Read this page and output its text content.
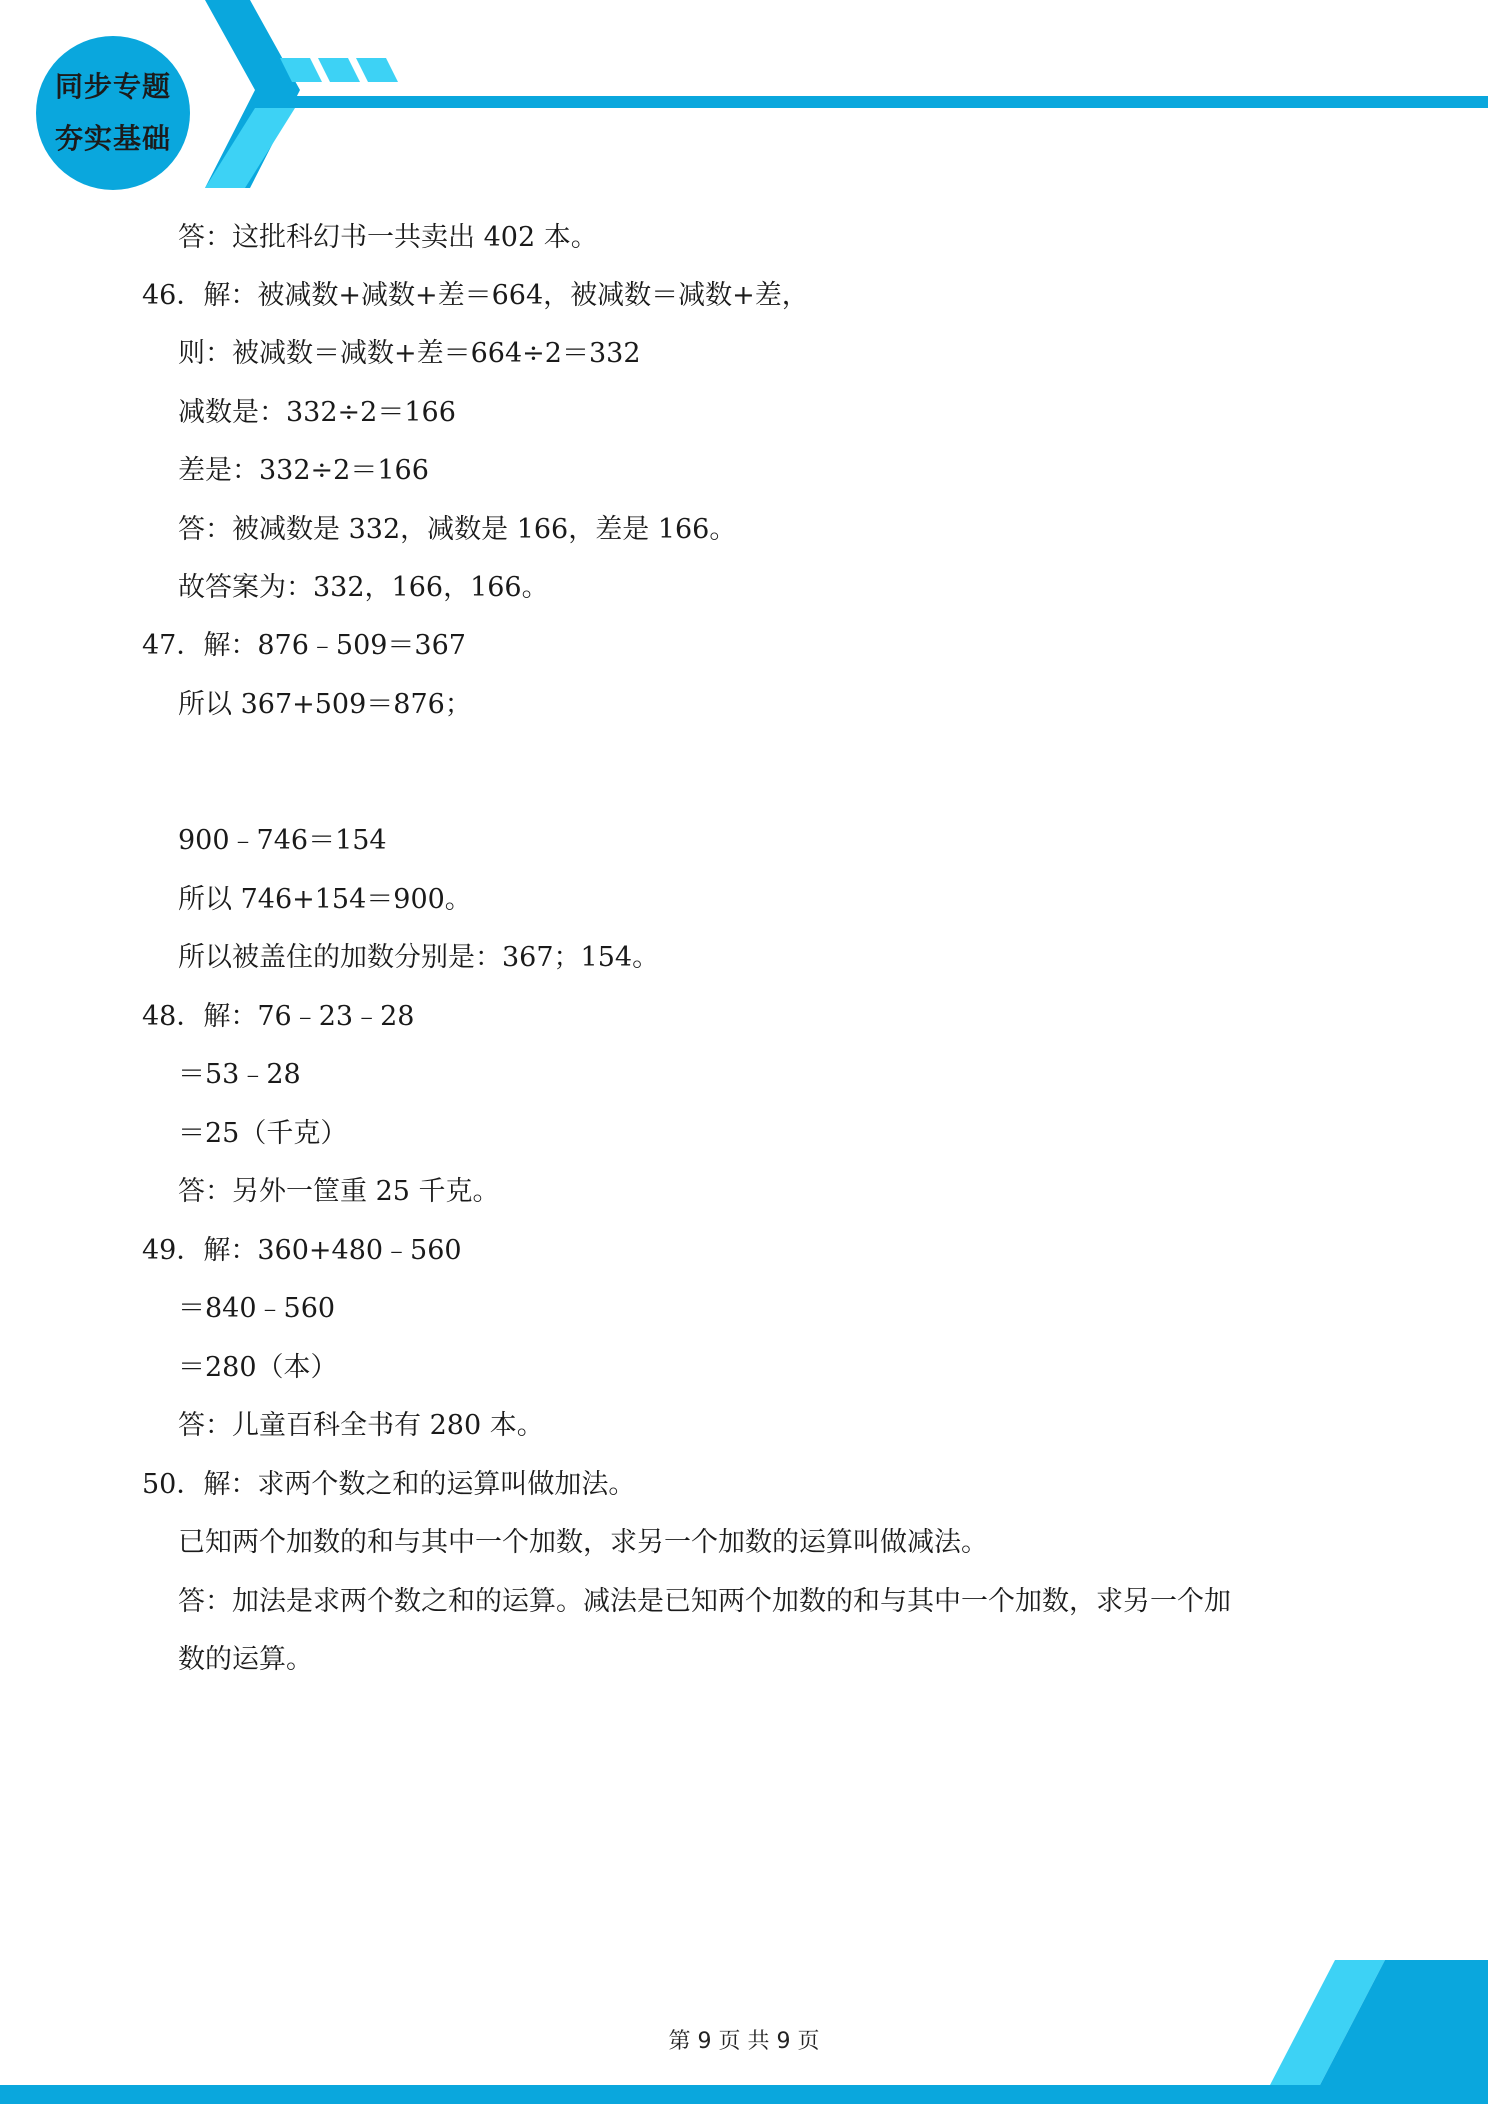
同步专题
夯实基础
答：这批科幻书一共卖出 402 本。
46．解：被减数+减数+差＝664，被减数＝减数+差，
则：被减数＝减数+差＝664÷2＝332
减数是：332÷2＝166
差是：332÷2＝166
答：被减数是 332，减数是 166，差是 166。
故答案为：332，166，166。
47．解：876﹣509＝367
所以 367+509＝876；
900﹣746＝154
所以 746+154＝900。
所以被盖住的加数分别是：367；154。
48．解：76﹣23﹣28
＝53﹣28
＝25（千克）
答：另外一筐重 25 千克。
49．解：360+480﹣560
＝840﹣560
＝280（本）
答：儿童百科全书有 280 本。
50．解：求两个数之和的运算叫做加法。
已知两个加数的和与其中一个加数，求另一个加数的运算叫做减法。
答：加法是求两个数之和的运算。减法是已知两个加数的和与其中一个加数，求另一个加
数的运算。
第 9 页 共 9 页
